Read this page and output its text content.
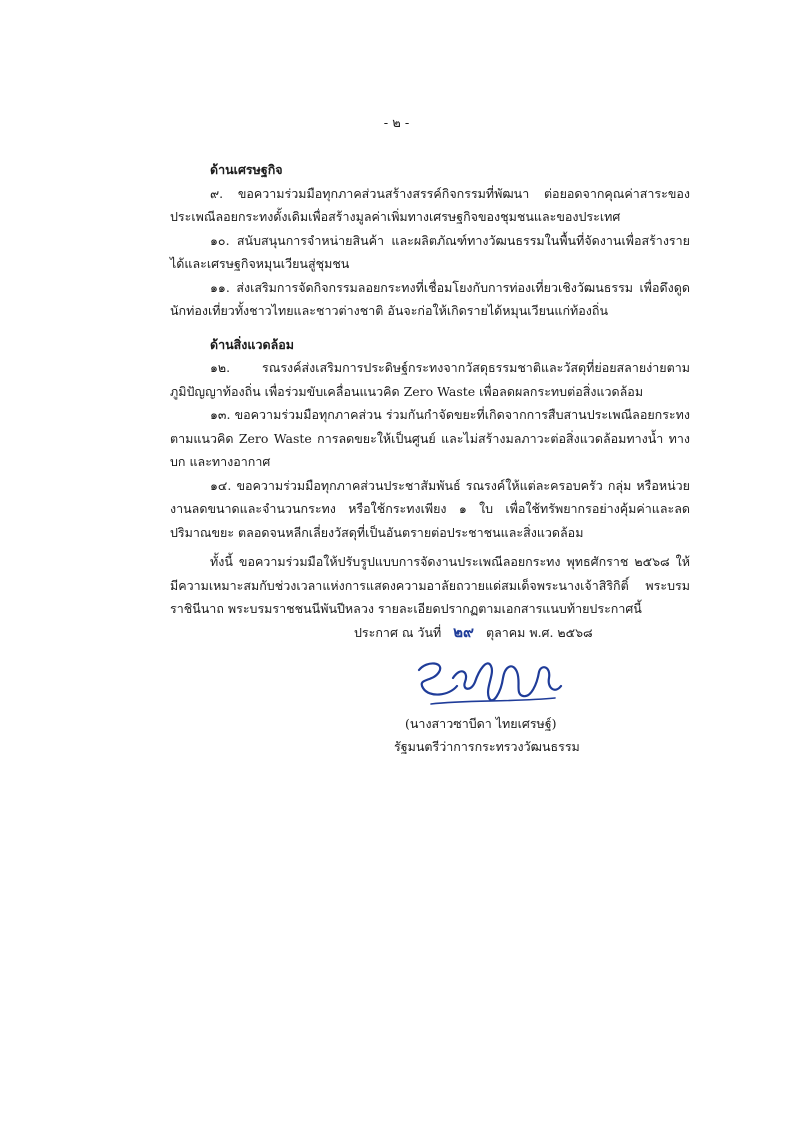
- ๒ -

ด้านเศรษฐกิจ

๙. ขอความร่วมมือทุกภาคส่วนสร้างสรรค์กิจกรรมที่พัฒนา ต่อยอดจากคุณค่าสาระของประเพณีลอยกระทงดั้งเดิมเพื่อสร้างมูลค่าเพิ่มทางเศรษฐกิจของชุมชนและของประเทศ

๑๐. สนับสนุนการจำหน่ายสินค้า และผลิตภัณฑ์ทางวัฒนธรรมในพื้นที่จัดงานเพื่อสร้างรายได้และเศรษฐกิจหมุนเวียนสู่ชุมชน

๑๑. ส่งเสริมการจัดกิจกรรมลอยกระทงที่เชื่อมโยงกับการท่องเที่ยวเชิงวัฒนธรรม เพื่อดึงดูดนักท่องเที่ยวทั้งชาวไทยและชาวต่างชาติ อันจะก่อให้เกิดรายได้หมุนเวียนแก่ท้องถิ่น

ด้านสิ่งแวดล้อม

๑๒. รณรงค์ส่งเสริมการประดิษฐ์กระทงจากวัสดุธรรมชาติและวัสดุที่ย่อยสลายง่ายตามภูมิปัญญาท้องถิ่น เพื่อร่วมขับเคลื่อนแนวคิด Zero Waste เพื่อลดผลกระทบต่อสิ่งแวดล้อม

๑๓. ขอความร่วมมือทุกภาคส่วน ร่วมกันกำจัดขยะที่เกิดจากการสืบสานประเพณีลอยกระทงตามแนวคิด Zero Waste การลดขยะให้เป็นศูนย์ และไม่สร้างมลภาวะต่อสิ่งแวดล้อมทางน้ำ ทางบก และทางอากาศ

๑๔. ขอความร่วมมือทุกภาคส่วนประชาสัมพันธ์ รณรงค์ให้แต่ละครอบครัว กลุ่ม หรือหน่วยงานลดขนาดและจำนวนกระทง หรือใช้กระทงเพียง ๑ ใบ เพื่อใช้ทรัพยากรอย่างคุ้มค่าและลดปริมาณขยะ ตลอดจนหลีกเลี่ยงวัสดุที่เป็นอันตรายต่อประชาชนและสิ่งแวดล้อม

ทั้งนี้ ขอความร่วมมือให้ปรับรูปแบบการจัดงานประเพณีลอยกระทง พุทธศักราช ๒๕๖๘ ให้มีความเหมาะสมกับช่วงเวลาแห่งการแสดงความอาลัยถวายแด่สมเด็จพระนางเจ้าสิริกิติ์ พระบรมราชินีนาถ พระบรมราชชนนีพันปีหลวง รายละเอียดปรากฏตามเอกสารแนบท้ายประกาศนี้

ประกาศ ณ วันที่ ๒๙ ตุลาคม พ.ศ. ๒๕๖๘
(นางสาวซาบีดา ไทยเศรษฐ์)
รัฐมนตรีว่าการกระทรวงวัฒนธรรม
